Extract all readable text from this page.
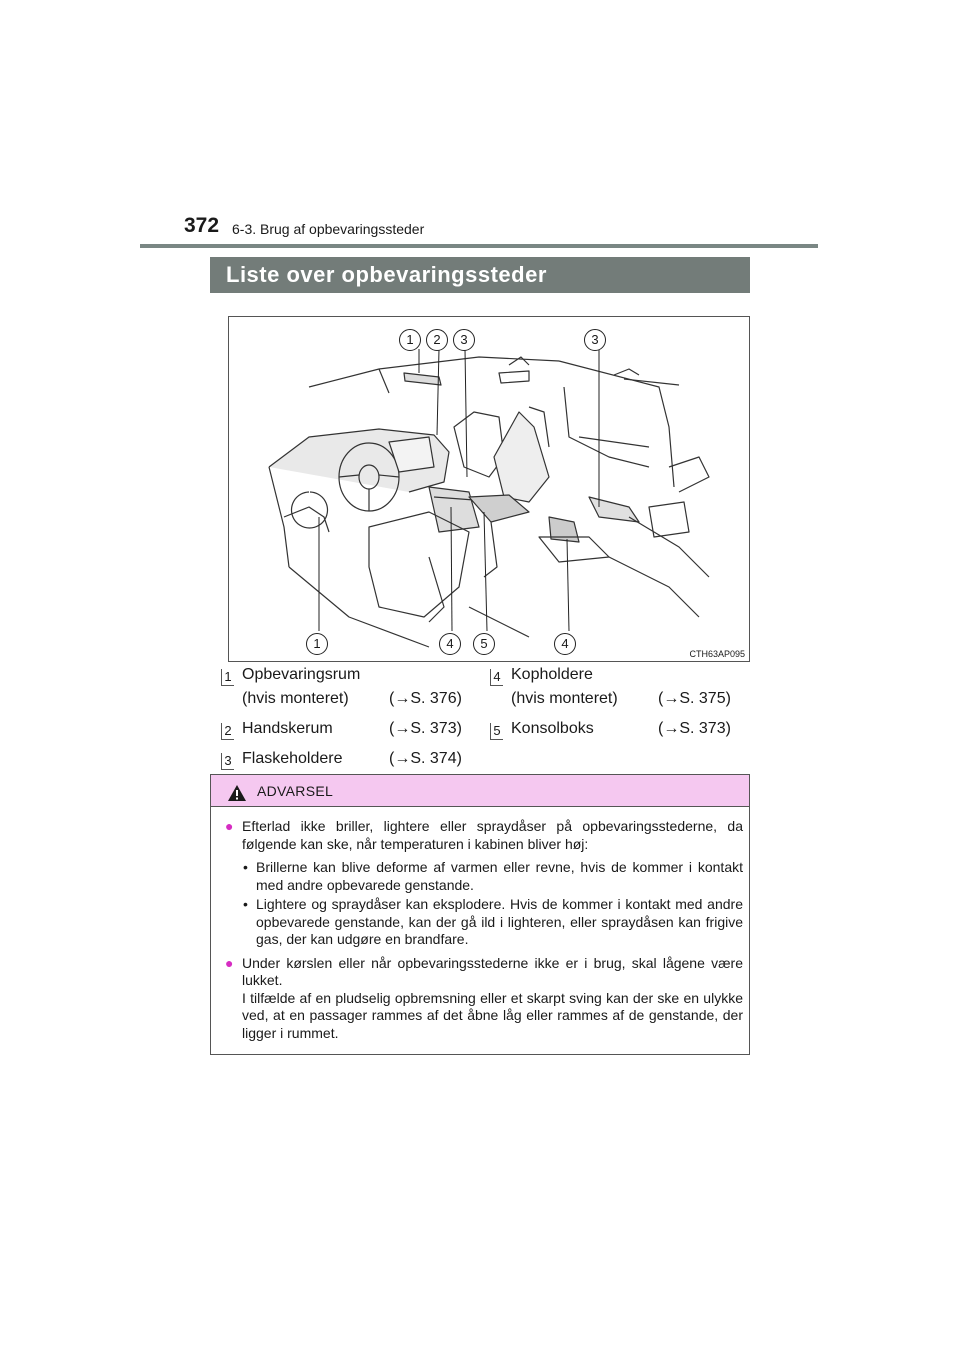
372 6-3. Brug af opbevaringssteder
Liste over opbevaringssteder
1	2	3	3
1	4	5	4
CTH63AP095
1 Opbevaringsrum
(hvis monteret)	(→S. 376)
2 Handskerum	(→S. 373)
3 Flaskeholdere	(→S. 374)
4 Kopholdere
(hvis monteret)	(→S. 375)
5 Konsolboks	(→S. 373)
ADVARSEL
● Efterlad ikke briller, lightere eller spraydåser på opbevaringsstederne, da følgende kan ske, når temperaturen i kabinen bliver høj:
• Brillerne kan blive deforme af varmen eller revne, hvis de kommer i kontakt med andre opbevarede genstande.
• Lightere og spraydåser kan eksplodere. Hvis de kommer i kontakt med andre opbevarede genstande, kan der gå ild i lighteren, eller spraydåsen kan frigive gas, der kan udgøre en brandfare.
● Under kørslen eller når opbevaringsstederne ikke er i brug, skal lågene være lukket.
I tilfælde af en pludselig opbremsning eller et skarpt sving kan der ske en ulykke ved, at en passager rammes af det åbne låg eller rammes af de genstande, der ligger i rummet.
